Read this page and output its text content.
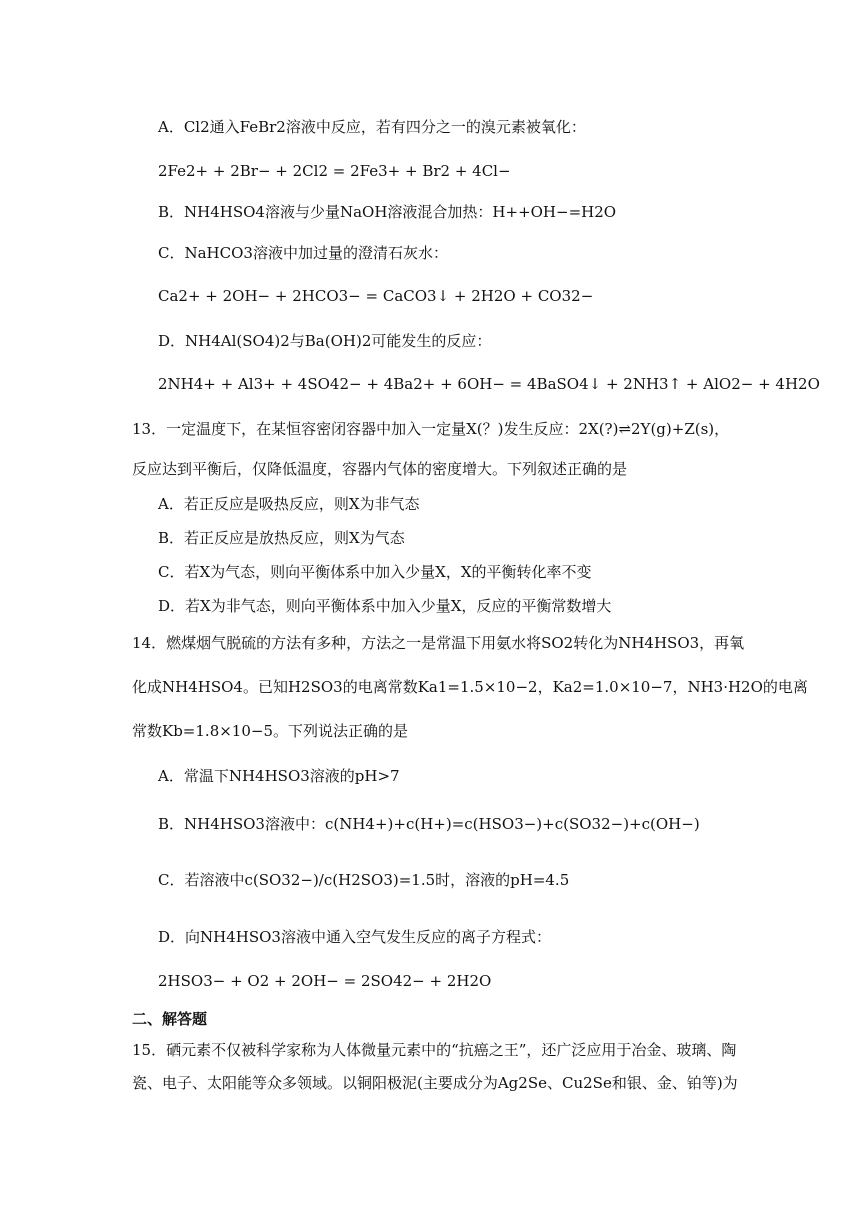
A．Cl2通入FeBr2溶液中反应，若有四分之一的溴元素被氧化：
2Fe2+ + 2Br− + 2Cl2 = 2Fe3+ + Br2 + 4Cl−
B．NH4HSO4溶液与少量NaOH溶液混合加热：H++OH−=H2O
C．NaHCO3溶液中加过量的澄清石灰水：
Ca2+ + 2OH− + 2HCO3− = CaCO3↓ + 2H2O + CO32−
D．NH4Al(SO4)2与Ba(OH)2可能发生的反应：
2NH4+ + Al3+ + 4SO42− + 4Ba2+ + 6OH− = 4BaSO4↓ + 2NH3↑ + AlO2− + 4H2O
13．一定温度下，在某恒容密闭容器中加入一定量X(？)发生反应：2X(?)⇌2Y(g)+Z(s)，
反应达到平衡后，仅降低温度，容器内气体的密度增大。下列叙述正确的是
A．若正反应是吸热反应，则X为非气态
B．若正反应是放热反应，则X为气态
C．若X为气态，则向平衡体系中加入少量X，X的平衡转化率不变
D．若X为非气态，则向平衡体系中加入少量X，反应的平衡常数增大
14．燃煤烟气脱硫的方法有多种，方法之一是常温下用氨水将SO2转化为NH4HSO3，再氧
化成NH4HSO4。已知H2SO3的电离常数Ka1=1.5×10−2，Ka2=1.0×10−7，NH3·H2O的电离
常数Kb=1.8×10−5。下列说法正确的是
A．常温下NH4HSO3溶液的pH>7
B．NH4HSO3溶液中：c(NH4+)+c(H+)=c(HSO3−)+c(SO32−)+c(OH−)
C．若溶液中c(SO32−)/c(H2SO3)=1.5时，溶液的pH=4.5
D．向NH4HSO3溶液中通入空气发生反应的离子方程式：
2HSO3− + O2 + 2OH− = 2SO42− + 2H2O
二、解答题
15．硒元素不仅被科学家称为人体微量元素中的“抗癌之王”，还广泛应用于冶金、玻璃、陶
瓷、电子、太阳能等众多领域。以铜阳极泥(主要成分为Ag2Se、Cu2Se和银、金、铂等)为
